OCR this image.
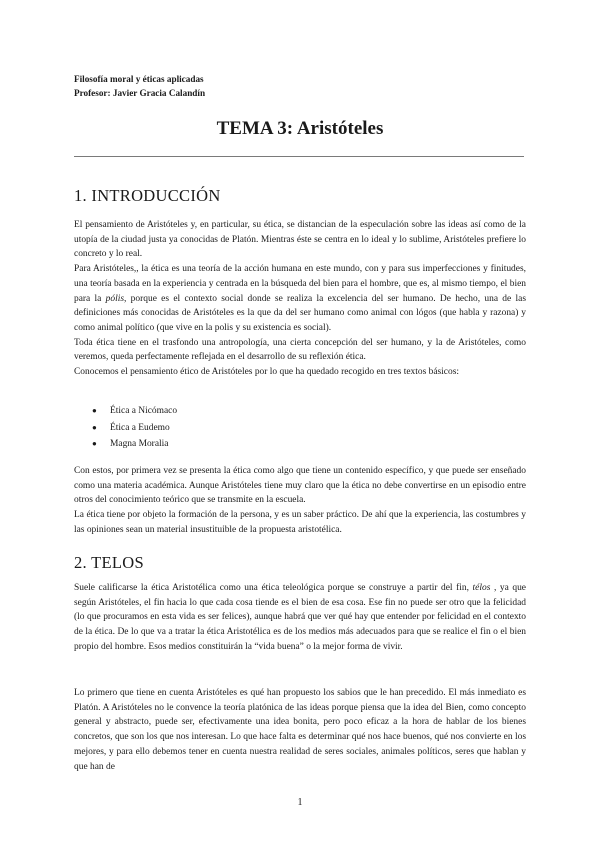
Filosofía moral y éticas aplicadas
Profesor: Javier Gracia Calandín
TEMA 3: Aristóteles
1. INTRODUCCIÓN

El pensamiento de Aristóteles y, en particular, su ética, se distancian de la especulación sobre las ideas así como de la utopía de la ciudad justa ya conocidas de Platón. Mientras éste se centra en lo ideal y lo sublime, Aristóteles prefiere lo concreto y lo real.

Para Aristóteles,, la ética es una teoría de la acción humana en este mundo, con y para sus imperfecciones y finitudes, una teoría basada en la experiencia y centrada en la búsqueda del bien para el hombre, que es, al mismo tiempo, el bien para la pólis, porque es el contexto social donde se realiza la excelencia del ser humano. De hecho, una de las definiciones más conocidas de Aristóteles es la que da del ser humano como animal con lógos (que habla y razona) y como animal político (que vive en la polis y su existencia es social).

Toda ética tiene en el trasfondo una antropología, una cierta concepción del ser humano, y la de Aristóteles, como veremos, queda perfectamente reflejada en el desarrollo de su reflexión ética.

Conocemos el pensamiento ético de Aristóteles por lo que ha quedado recogido en tres textos básicos:

● Ética a Nicómaco
● Ética a Eudemo
● Magna Moralia

Con estos, por primera vez se presenta la ética como algo que tiene un contenido específico, y que puede ser enseñado como una materia académica. Aunque Aristóteles tiene muy claro que la ética no debe convertirse en un episodio entre otros del conocimiento teórico que se transmite en la escuela.

La ética tiene por objeto la formación de la persona, y es un saber práctico. De ahí que la experiencia, las costumbres y las opiniones sean un material insustituible de la propuesta aristotélica.

2. TELOS

Suele calificarse la ética Aristotélica como una ética teleológica porque se construye a partir del fin, télos , ya que según Aristóteles, el fin hacia lo que cada cosa tiende es el bien de esa cosa. Ese fin no puede ser otro que la felicidad (lo que procuramos en esta vida es ser felices), aunque habrá que ver qué hay que entender por felicidad en el contexto de la ética. De lo que va a tratar la ética Aristotélica es de los medios más adecuados para que se realice el fin o el bien propio del hombre. Esos medios constituirán la “vida buena” o la mejor forma de vivir.

Lo primero que tiene en cuenta Aristóteles es qué han propuesto los sabios que le han precedido. El más inmediato es Platón. A Aristóteles no le convence la teoría platónica de las ideas porque piensa que la idea del Bien, como concepto general y abstracto, puede ser, efectivamente una idea bonita, pero poco eficaz a la hora de hablar de los bienes concretos, que son los que nos interesan. Lo que hace falta es determinar qué nos hace buenos, qué nos convierte en los mejores, y para ello debemos tener en cuenta nuestra realidad de seres sociales, animales políticos, seres que hablan y que han de

1
